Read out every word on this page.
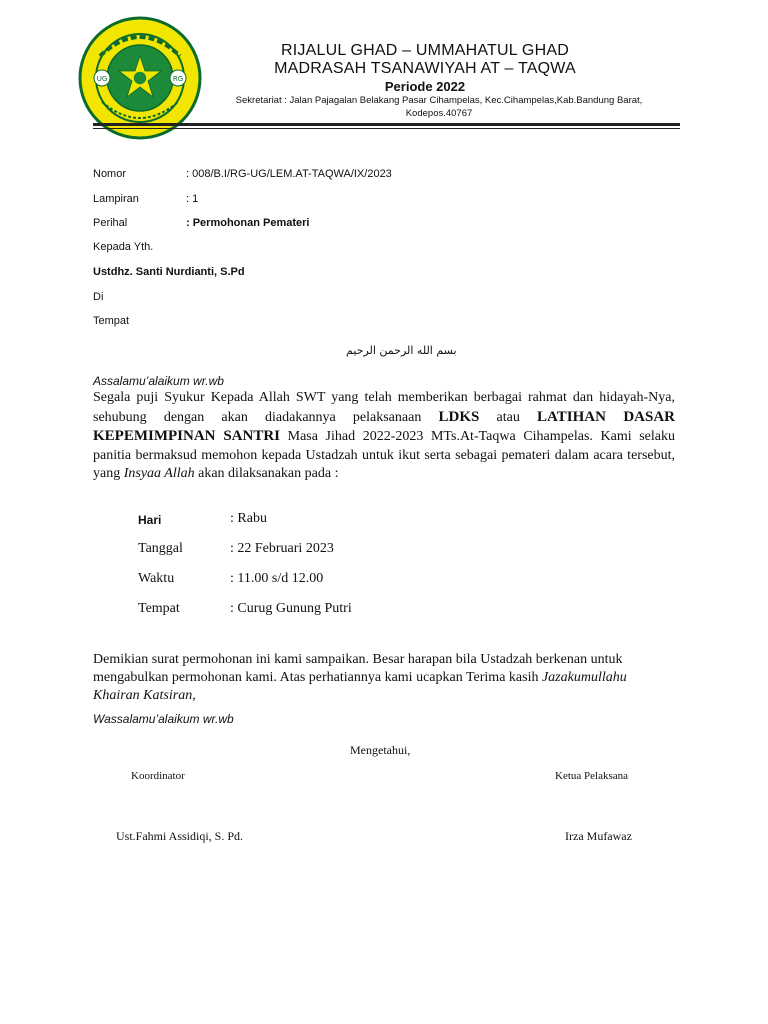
UG	RG
RIJALUL GHAD – UMMAHATUL GHAD
MADRASAH TSANAWIYAH AT – TAQWA
Periode 2022
Sekretariat : Jalan Pajagalan Belakang Pasar Cihampelas, Kec.Cihampelas,Kab.Bandung Barat,
Kodepos.40767
Nomor	: 008/B.I/RG-UG/LEM.AT-TAQWA/IX/2023
Lampiran	: 1
Perihal	: Permohonan Pemateri
Kepada Yth.
Ustdhz. Santi Nurdianti, S.Pd
Di
Tempat
بسم الله الرحمن الرحيم
Assalamu’alaikum wr.wb
Segala puji Syukur Kepada Allah SWT yang telah memberikan berbagai rahmat dan hidayah-Nya, sehubung dengan akan diadakannya pelaksanaan LDKS atau LATIHAN DASAR KEPEMIMPINAN SANTRI Masa Jihad 2022-2023 MTs.At-Taqwa Cihampelas. Kami selaku panitia bermaksud memohon kepada Ustadzah untuk ikut serta sebagai pemateri dalam acara tersebut, yang Insyaa Allah akan dilaksanakan pada :
Hari	: Rabu
Tanggal	: 22 Februari 2023
Waktu	: 11.00 s/d 12.00
Tempat	: Curug Gunung Putri
Demikian surat permohonan ini kami sampaikan. Besar harapan bila Ustadzah berkenan untuk mengabulkan permohonan kami. Atas perhatiannya kami ucapkan Terima kasih Jazakumullahu Khairan Katsiran,
Wassalamu’alaikum wr.wb
Mengetahui,
Koordinator	Ketua Pelaksana
Ust.Fahmi Assidiqi, S. Pd.	Irza Mufawaz
